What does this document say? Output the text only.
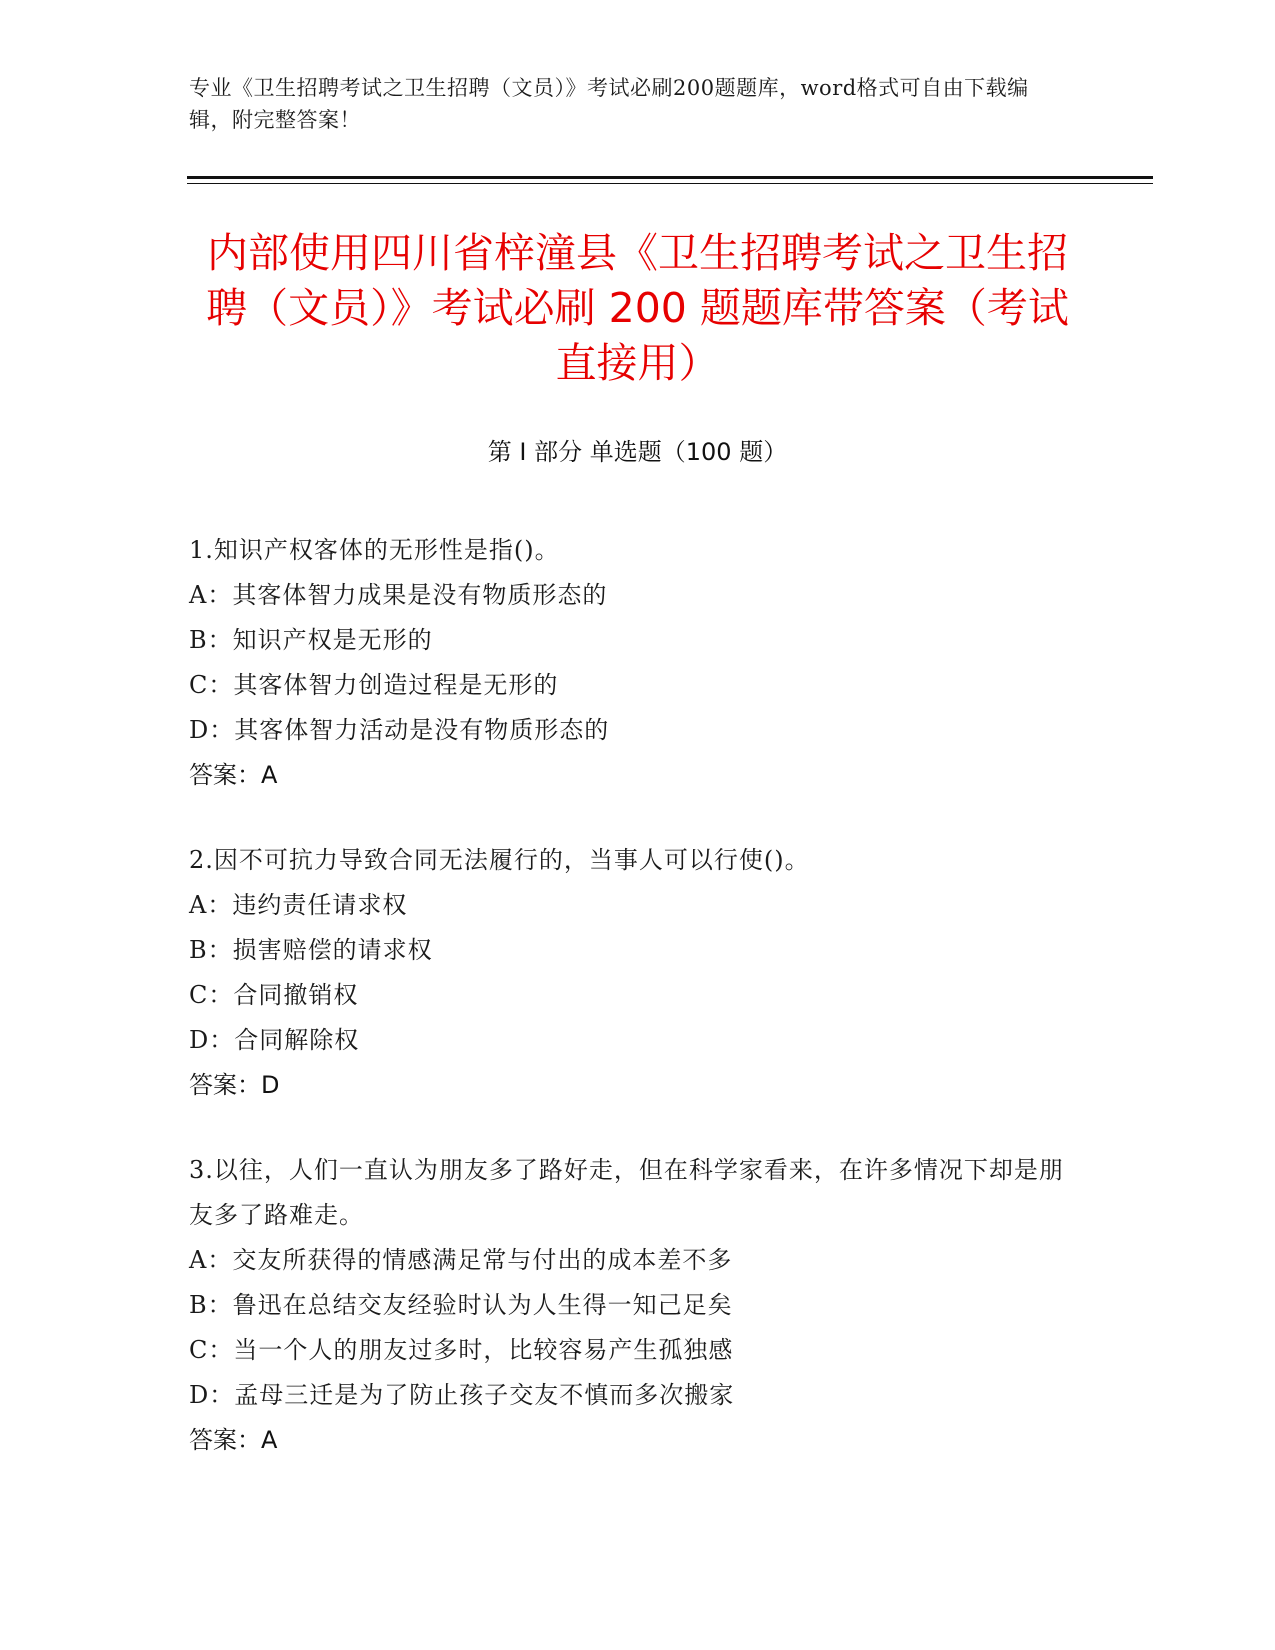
专业《卫生招聘考试之卫生招聘（文员）》考试必刷200题题库，word格式可自由下载编辑，附完整答案！
内部使用四川省梓潼县《卫生招聘考试之卫生招聘（文员）》考试必刷 200 题题库带答案（考试直接用）
第 I 部分 单选题（100 题）
1.知识产权客体的无形性是指()。
A：其客体智力成果是没有物质形态的
B：知识产权是无形的
C：其客体智力创造过程是无形的
D：其客体智力活动是没有物质形态的
答案：A
2.因不可抗力导致合同无法履行的，当事人可以行使()。
A：违约责任请求权
B：损害赔偿的请求权
C：合同撤销权
D：合同解除权
答案：D
3.以往，人们一直认为朋友多了路好走，但在科学家看来，在许多情况下却是朋友多了路难走。
A：交友所获得的情感满足常与付出的成本差不多
B：鲁迅在总结交友经验时认为人生得一知己足矣
C：当一个人的朋友过多时，比较容易产生孤独感
D：孟母三迁是为了防止孩子交友不慎而多次搬家
答案：A
